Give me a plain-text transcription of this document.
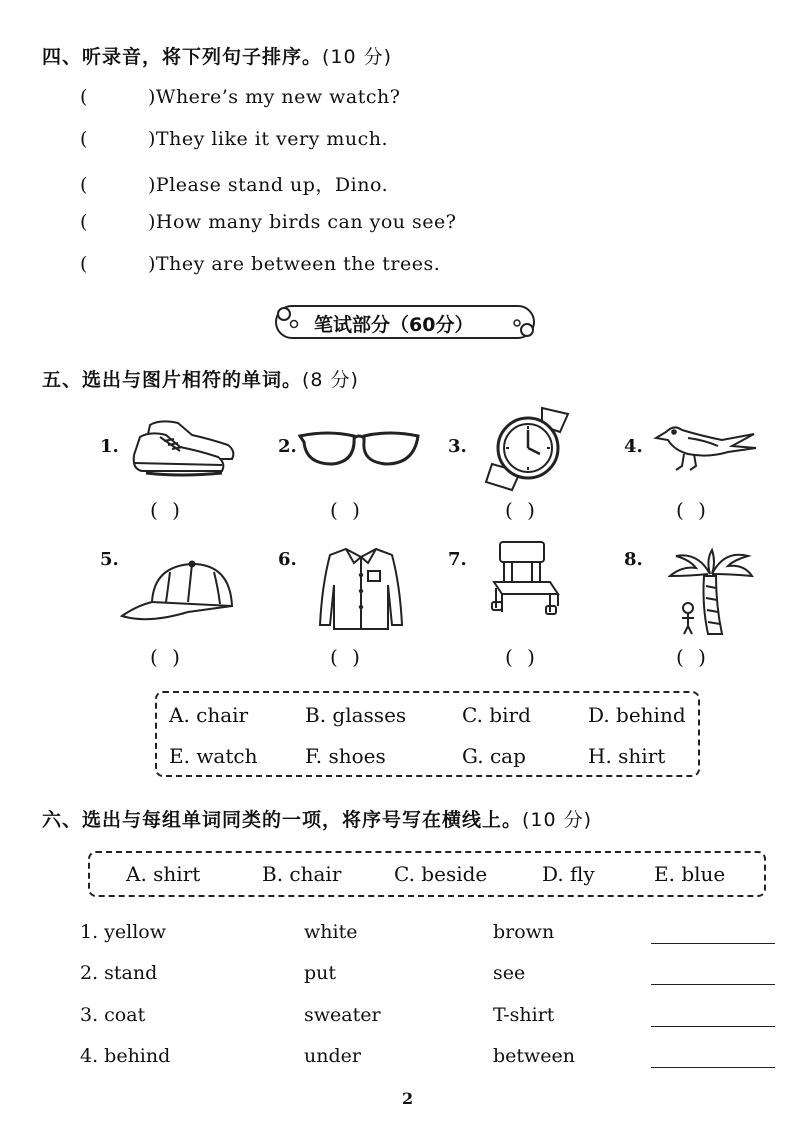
四、听录音，将下列句子排序。(10 分)
(	)Where’s my new watch?
(	)They like it very much.
(	)Please stand up，Dino.
(	)How many birds can you see?
(	)They are between the trees.
笔试部分（60分）
五、选出与图片相符的单词。(8 分)
1.	2.	3.	4.
( )	( )	( )	( )
5.	6.	7.	8.
( )	( )	( )	( )
A. chair	B. glasses	C. bird	D. behind
E. watch F. shoes	G. cap	H. shirt
六、选出与每组单词同类的一项，将序号写在横线上。(10 分)
A. shirt	B. chair	C. beside	D. fly	E. blue
1. yellow	white	brown
2. stand	put	see
3. coat	sweater	T-shirt
4. behind	under	between
2
